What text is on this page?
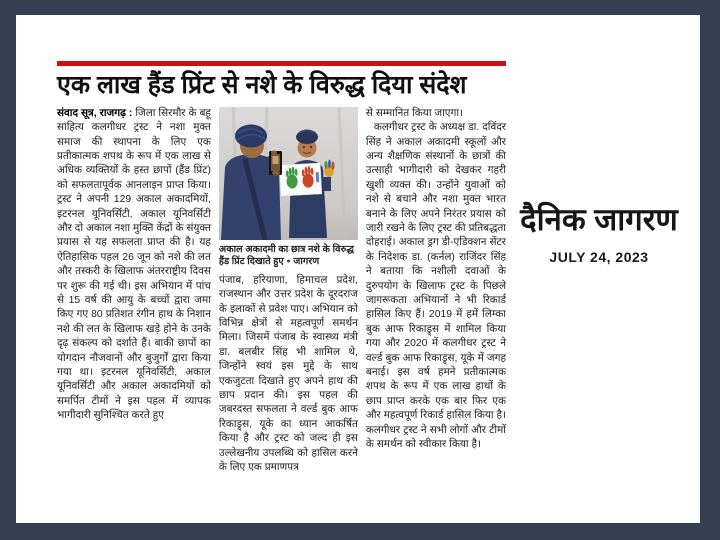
एक लाख हैंड प्रिंट से नशे के विरुद्ध दिया संदेश
संवाद सूत्र, राजगढ़ : जिला सिरमौर के बहू साहित्य कलगीधर ट्रस्ट ने नशा मुक्त समाज की स्थापना के लिए एक प्रतीकात्मक शपथ के रूप में एक लाख से अधिक व्यक्तियों के हस्त छापों (हैंड प्रिंट) को सफलतापूर्वक आनलाइन प्राप्त किया। ट्रस्ट ने अपनी 129 अकाल अकादमियों, इटरनल यूनिवर्सिटी, अकाल यूनिवर्सिटी और दो अकाल नशा मुक्ति केंद्रों के संयुक्त प्रयास से यह सफलता प्राप्त की है। यह ऐतिहासिक पहल 26 जून को नशे की लत और तस्करी के खिलाफ अंतरराष्ट्रीय दिवस पर शुरू की गई थी। इस अभियान में पांच से 15 वर्ष की आयु के बच्चों द्वारा जमा किए गए 80 प्रतिशत रंगीन हाथ के निशान नशे की लत के खिलाफ खड़े होने के उनके दृढ़ संकल्प को दर्शाते हैं। बाकी छापों का योगदान नौजवानों और बुजुर्गों द्वारा किया गया था। इटरनल यूनिवर्सिटी, अकाल यूनिवर्सिटी और अकाल अकादमियों को समर्पित टीमों ने इस पहल में व्यापक भागीदारी सुनिश्चित करते हुए
अकाल अकादमी का छात्र नशे के विरुद्ध हैंड प्रिंट दिखाते हुए ● जागरण
पंजाब, हरियाणा, हिमाचल प्रदेश, राजस्थान और उत्तर प्रदेश के दूरदराज के इलाकों से प्रवेश पाए। अभियान को विभिन्न क्षेत्रों से महत्वपूर्ण समर्थन मिला। जिसमें पंजाब के स्वास्थ्य मंत्री डा. बलबीर सिंह भी शामिल थे, जिन्होंने स्वयं इस मुद्दे के साथ एकजुटता दिखाते हुए अपने हाथ की छाप प्रदान की। इस पहल की जबरदस्त सफलता ने वर्ल्ड बुक आफ रिकाड्र्स, यूके का ध्यान आकर्षित किया है और ट्रस्ट को जल्द ही इस उल्लेखनीय उपलब्धि को हासिल करने के लिए एक प्रमाणपत्र

से सम्मानित किया जाएगा।

कलगीधर ट्रस्ट के अध्यक्ष डा. दविंदर सिंह ने अकाल अकादमी स्कूलों और अन्य शैक्षणिक संस्थानों के छात्रों की उत्साही भागीदारी को देखकर गहरी खुशी व्यक्त की। उन्होंने युवाओं को नशे से बचाने और नशा मुक्त भारत बनाने के लिए अपने निरंतर प्रयास को जारी रखने के लिए ट्रस्ट की प्रतिबद्धता दोहराई। अकाल ड्रग डी-एडिक्शन सेंटर के निदेशक डा. (कर्नल) राजिंदर सिंह ने बताया कि नशीली दवाओं के दुरुपयोग के खिलाफ ट्रस्ट के पिछले जागरूकता अभियानों ने भी रिकार्ड हासिल किए हैं। 2019 में हमें लिम्का बुक आफ रिकाड्र्स में शामिल किया गया और 2020 में कलगीधर ट्रस्ट ने वर्ल्ड बुक आफ रिकाड्र्स, यूके में जगह बनाई। इस वर्ष हमने प्रतीकात्मक शपथ के रूप में एक लाख हाथों के छाप प्राप्त करके एक बार फिर एक और महत्वपूर्ण रिकार्ड हासिल किया है। कलगीधर ट्रस्ट ने सभी लोगों और टीमों के समर्थन को स्वीकार किया है।

दैनिक जागरण
JULY 24, 2023
